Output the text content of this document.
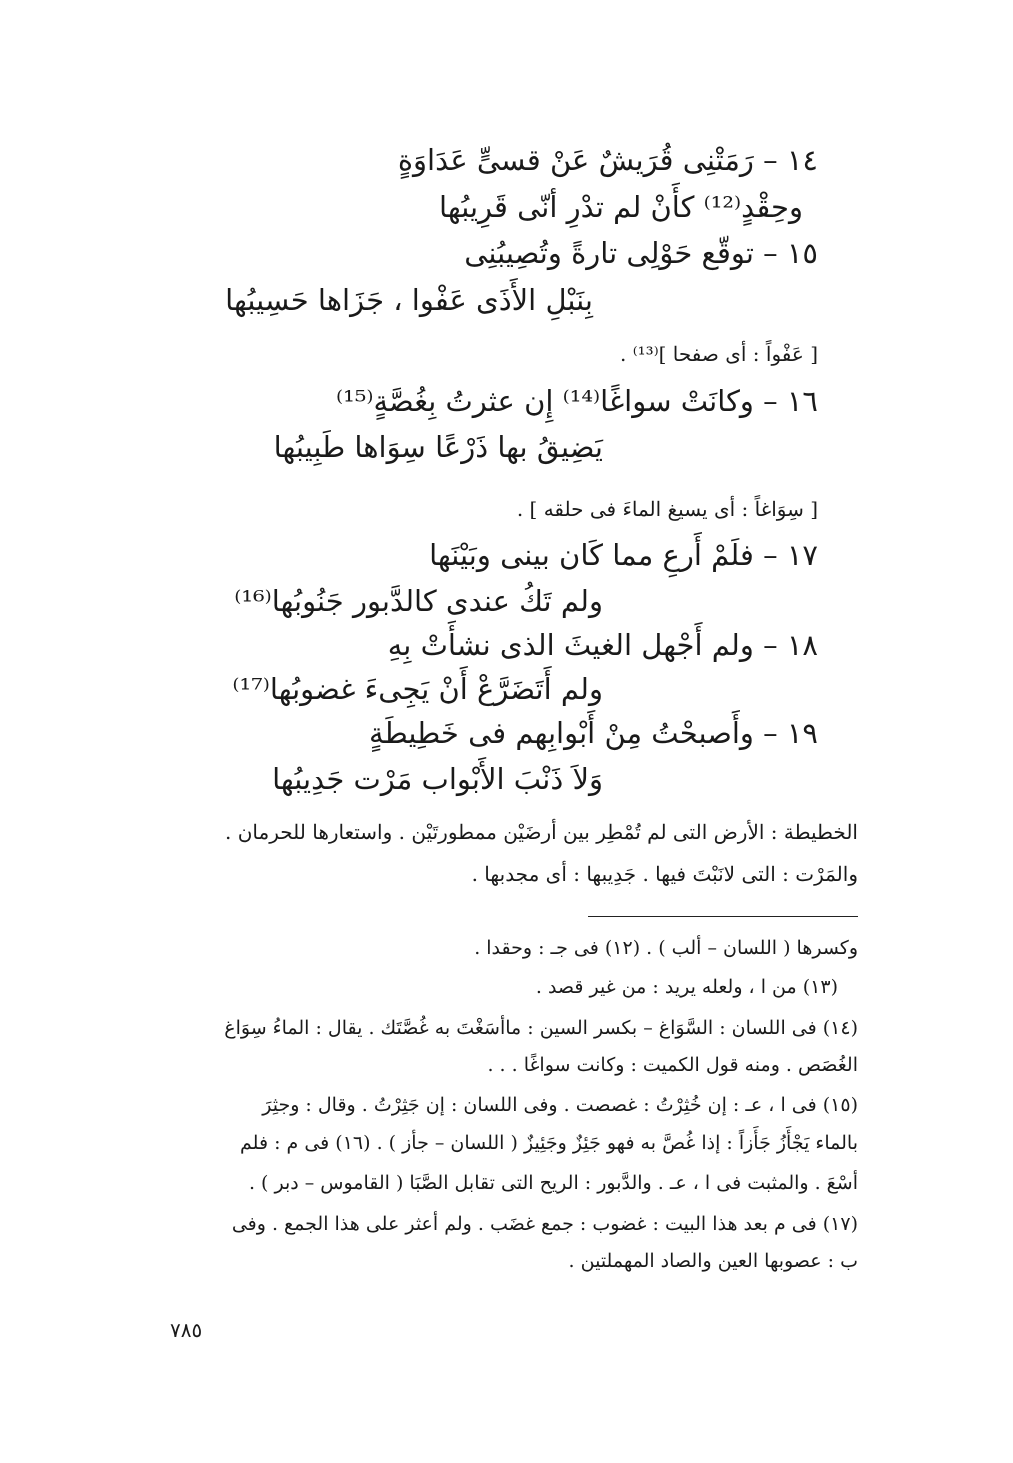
١٤ – رَمَتْنِى قُرَيشٌ عَنْ قسىٍّ عَدَاوَةٍ
وحِقْدٍ⁽¹²⁾ كأَنْ لم تدْرِ أنّى قَرِيبُها
١٥ – توقّع حَوْلِى تارةً وتُصِيبُنِى
بِنَبْلِ الأَذَى عَفْوا ، جَزَاها حَسِيبُها
[ عَفْواً : أى صفحا ]⁽¹³⁾ .
١٦ – وكانَتْ سواغًا⁽¹⁴⁾ إِن عثرتُ بِغُصَّةٍ⁽¹⁵⁾
يَضِيقُ بها ذَرْعًا سِوَاها طَبِيبُها
[ سِوَاغاً : أى يسيغ الماءَ فى حلقه ] .
١٧ – فلَمْ أَرعِ مما كَان بينى وبَيْنَها
ولم تَكُ عندى كالدَّبور جَنُوبُها⁽¹⁶⁾
١٨ – ولم أَجْهل الغيثَ الذى نشأَتْ بِهِ
ولم أَتَضَرَّعْ أَنْ يَجِىءَ غضوبُها⁽¹⁷⁾
١٩ – وأَصبحْتُ مِنْ أَبْوابِهم فى خَطِيطَةٍ
وَلاَ ذَنْبَ الأَبْواب مَرْت جَدِيبُها
الخطيطة : الأرض التى لم تُمْطِر بين أرضَيْن ممطورتَيْن . واستعارها للحرمان .
والمَرْت : التى لانَبْتَ فيها . جَدِيبها : أى مجدبها .
وكسرها ( اللسان – ألب ) . (١٢) فى جـ : وحقدا .
(١٣) من ا ، ولعله يريد : من غير قصد .
(١٤) فى اللسان : السَّوَاغ – بكسر السين : ماأسَغْتَ به غُصَّتَك . يقال : الماءُ سِوَاغ
الغُصَص . ومنه قول الكميت : وكانت سواغًا . . .
(١٥) فى ا ، عـ : إن خُثِرْتُ : غصصت . وفى اللسان : إن جَثِرْتُ . وقال : وجثِرَ
بالماء يَجْأَزُ جَأَزاً : إذا غُصَّ به فهو جَئِزٌ وجَئِيزٌ ( اللسان – جأز ) . (١٦) فى م : فلم
أسْعَ . والمثبت فى ا ، عـ . والدَّبور : الريح التى تقابل الصَّبَا ( القاموس – دبر ) .
(١٧) فى م بعد هذا البيت : غضوب : جمع غضَب . ولم أعثر على هذا الجمع . وفى
ب : عصوبها العين والصاد المهملتين .
٧٨٥
